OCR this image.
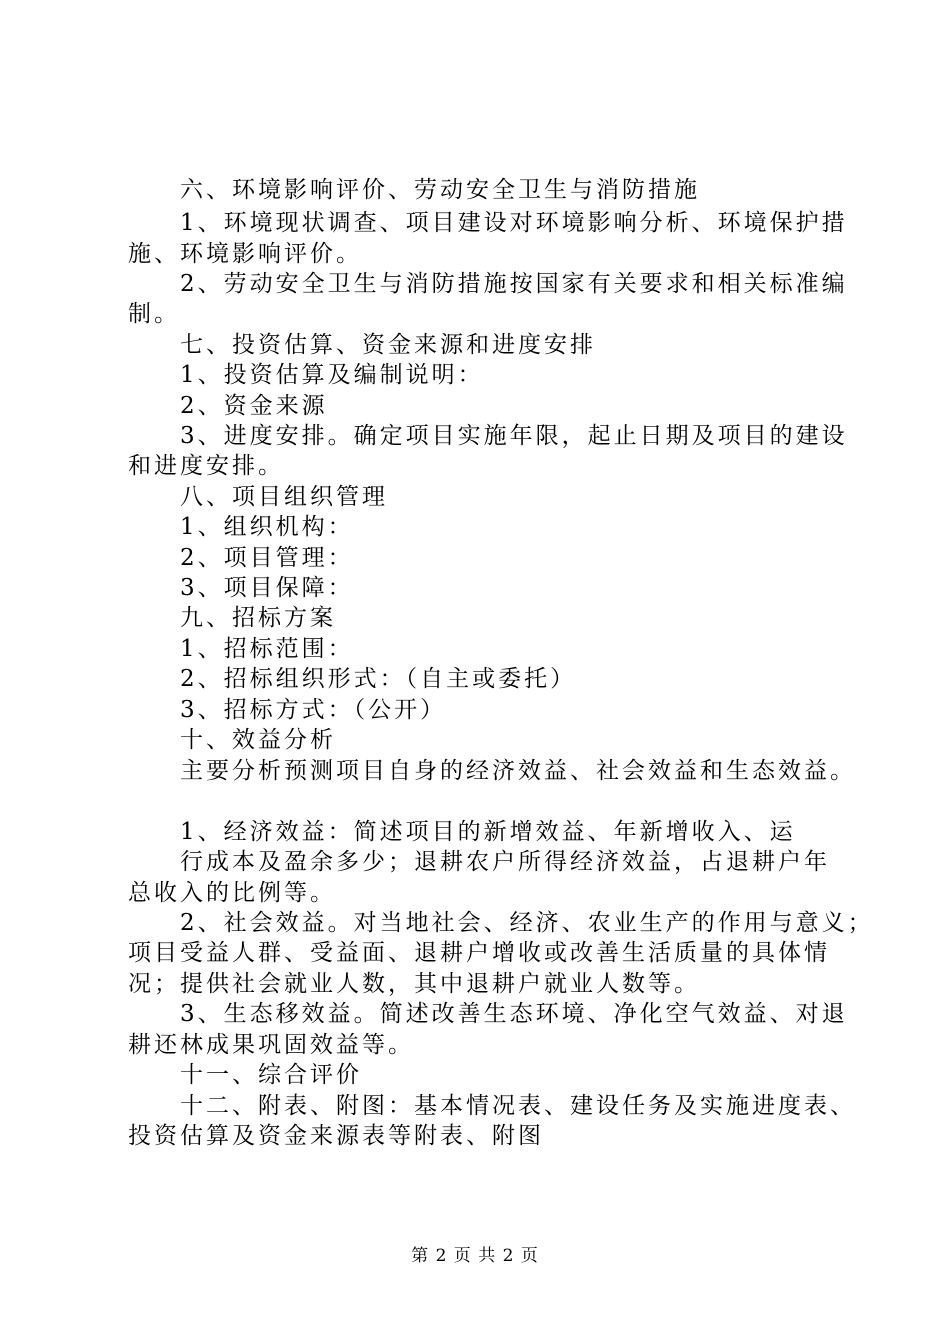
六、环境影响评价、劳动安全卫生与消防措施
1、环境现状调查、项目建设对环境影响分析、环境保护措
施、环境影响评价。
2、劳动安全卫生与消防措施按国家有关要求和相关标准编
制。
七、投资估算、资金来源和进度安排
1、投资估算及编制说明：
2、资金来源
3、进度安排。确定项目实施年限，起止日期及项目的建设
和进度安排。
八、项目组织管理
1、组织机构：
2、项目管理：
3、项目保障：
九、招标方案
1、招标范围：
2、招标组织形式：（自主或委托）
3、招标方式：（公开）
十、效益分析
主要分析预测项目自身的经济效益、社会效益和生态效益。
1、经济效益：简述项目的新增效益、年新增收入、运
行成本及盈余多少；退耕农户所得经济效益，占退耕户年
总收入的比例等。
2、社会效益。对当地社会、经济、农业生产的作用与意义；
项目受益人群、受益面、退耕户增收或改善生活质量的具体情
况；提供社会就业人数，其中退耕户就业人数等。
3、生态移效益。简述改善生态环境、净化空气效益、对退
耕还林成果巩固效益等。
十一、综合评价
十二、附表、附图：基本情况表、建设任务及实施进度表、
投资估算及资金来源表等附表、附图
第 2 页 共 2 页
